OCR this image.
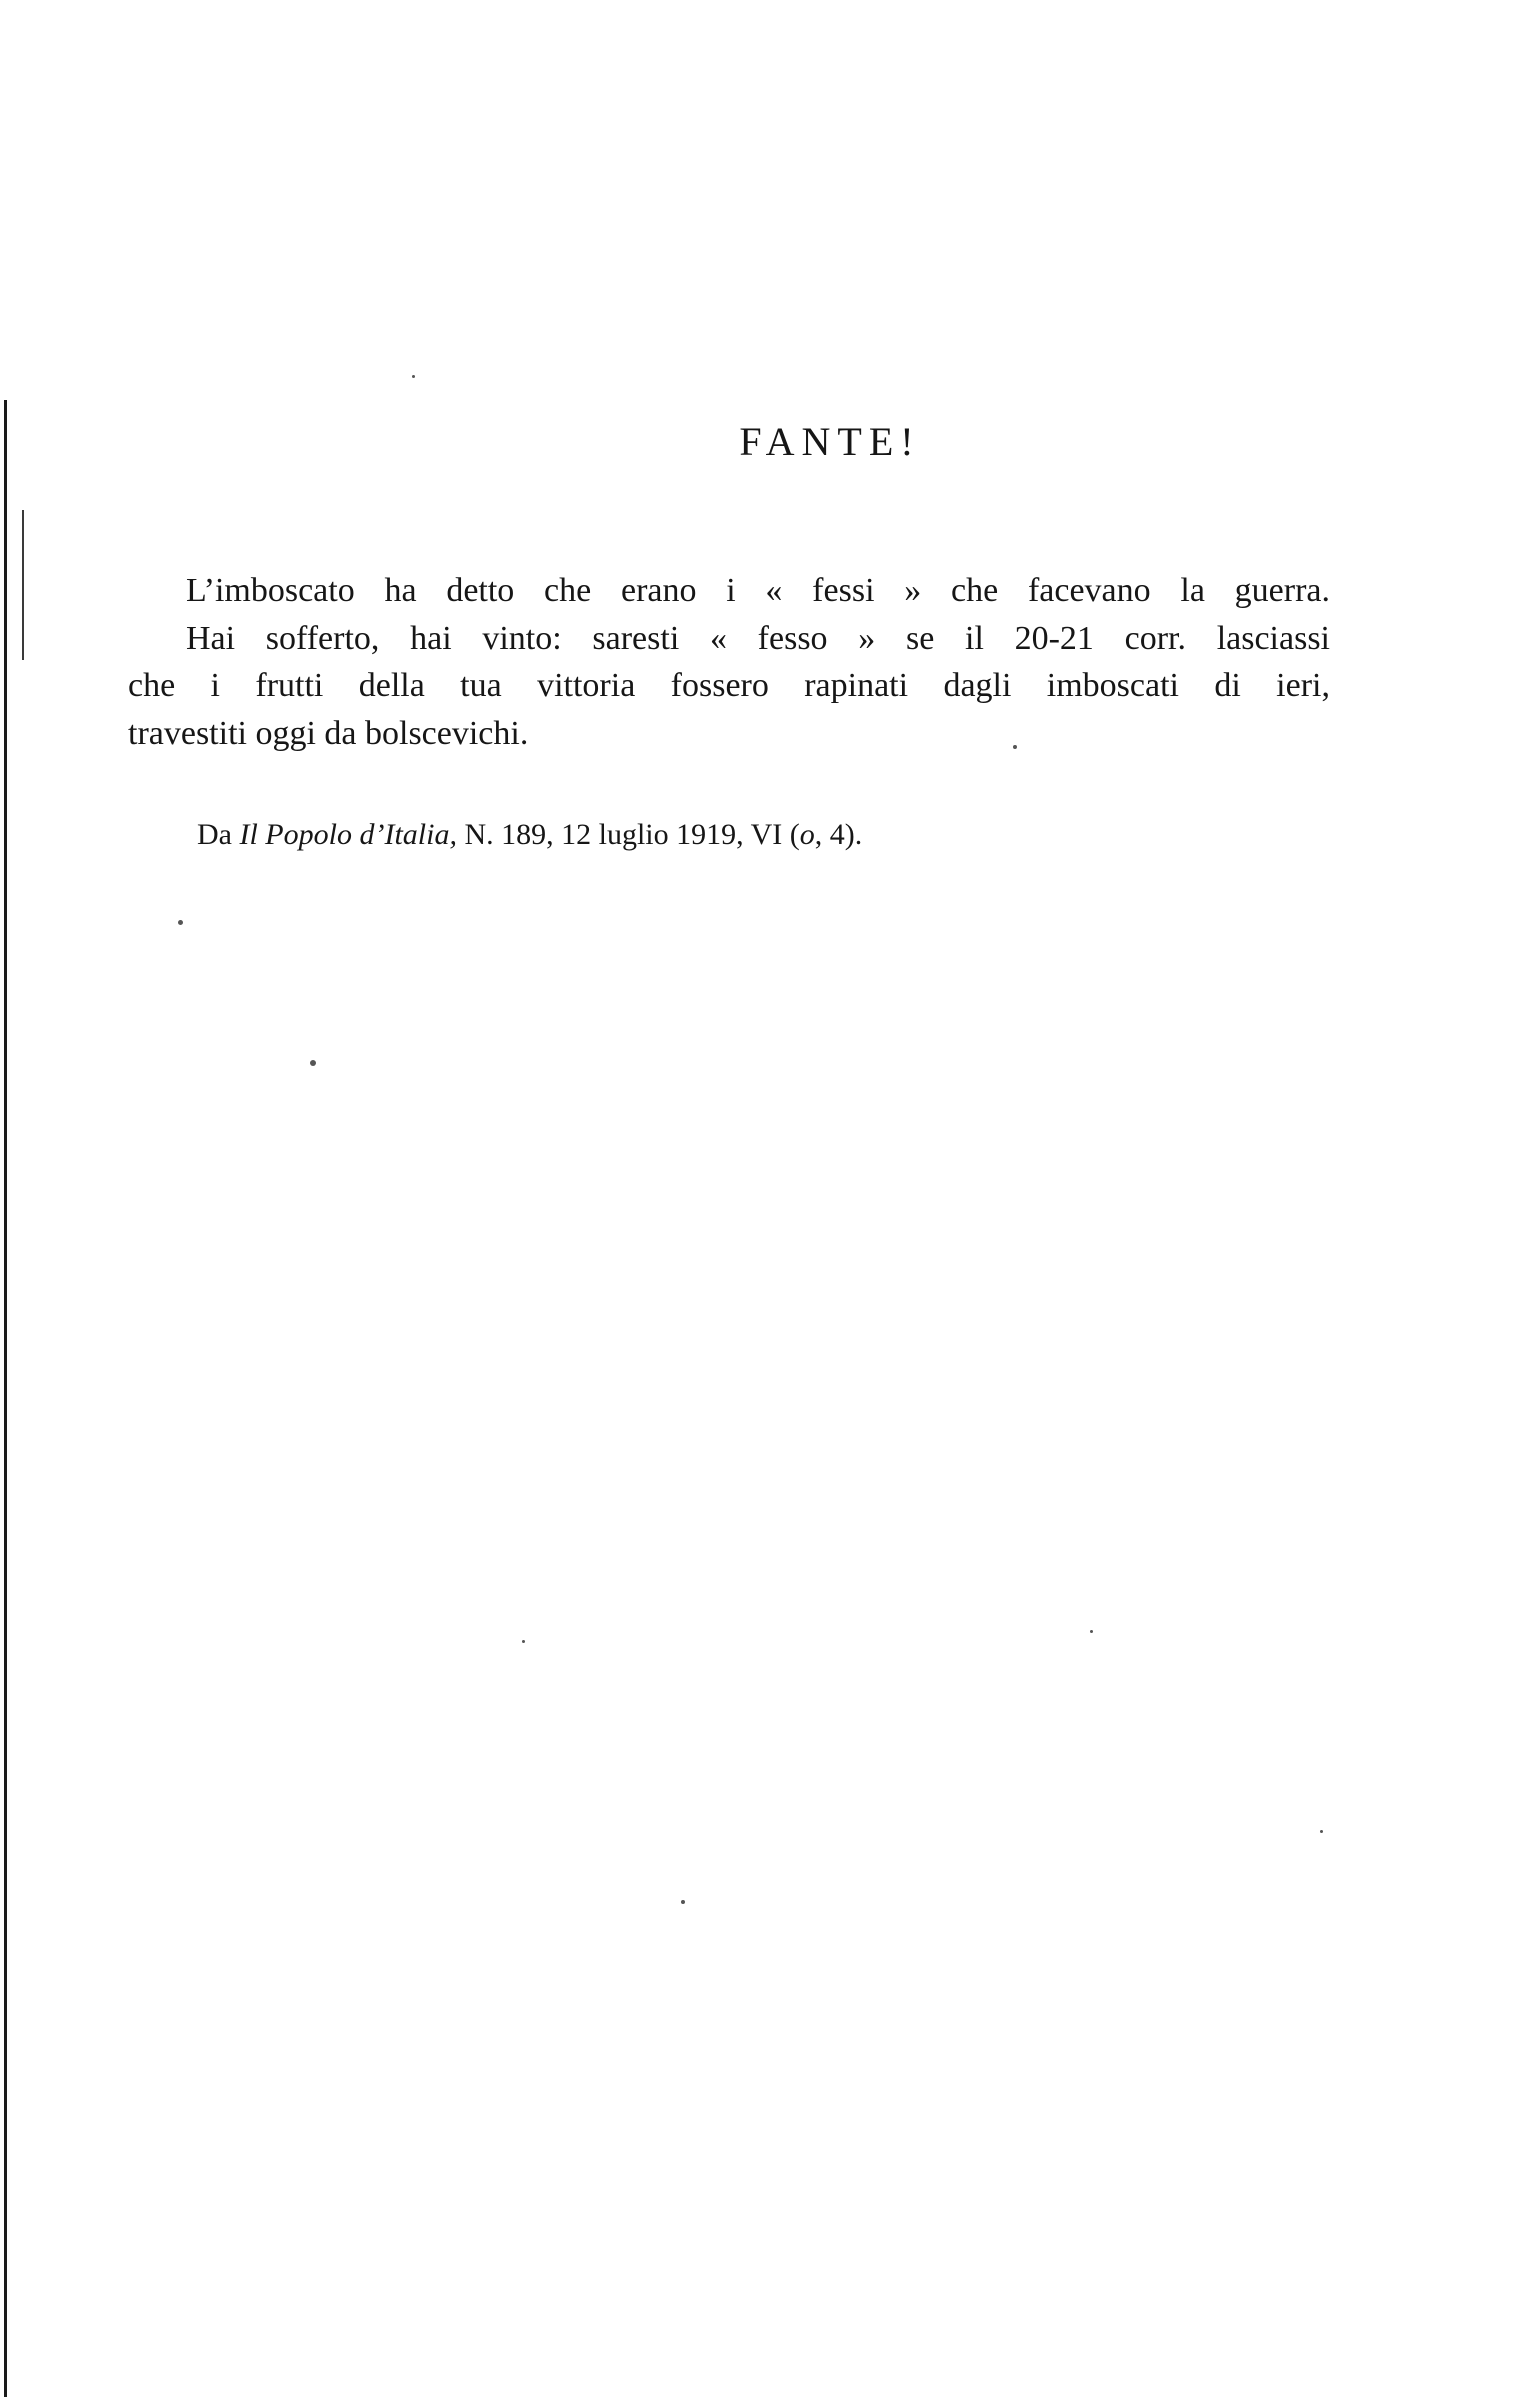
FANTE!
L’imboscato ha detto che erano i « fessi » che facevano la guerra.
Hai sofferto, hai vinto: saresti « fesso » se il 20-21 corr. lasciassi
che i frutti della tua vittoria fossero rapinati dagli imboscati di ieri,
travestiti oggi da bolscevichi.
Da Il Popolo d’Italia, N. 189, 12 luglio 1919, VI (o, 4).
